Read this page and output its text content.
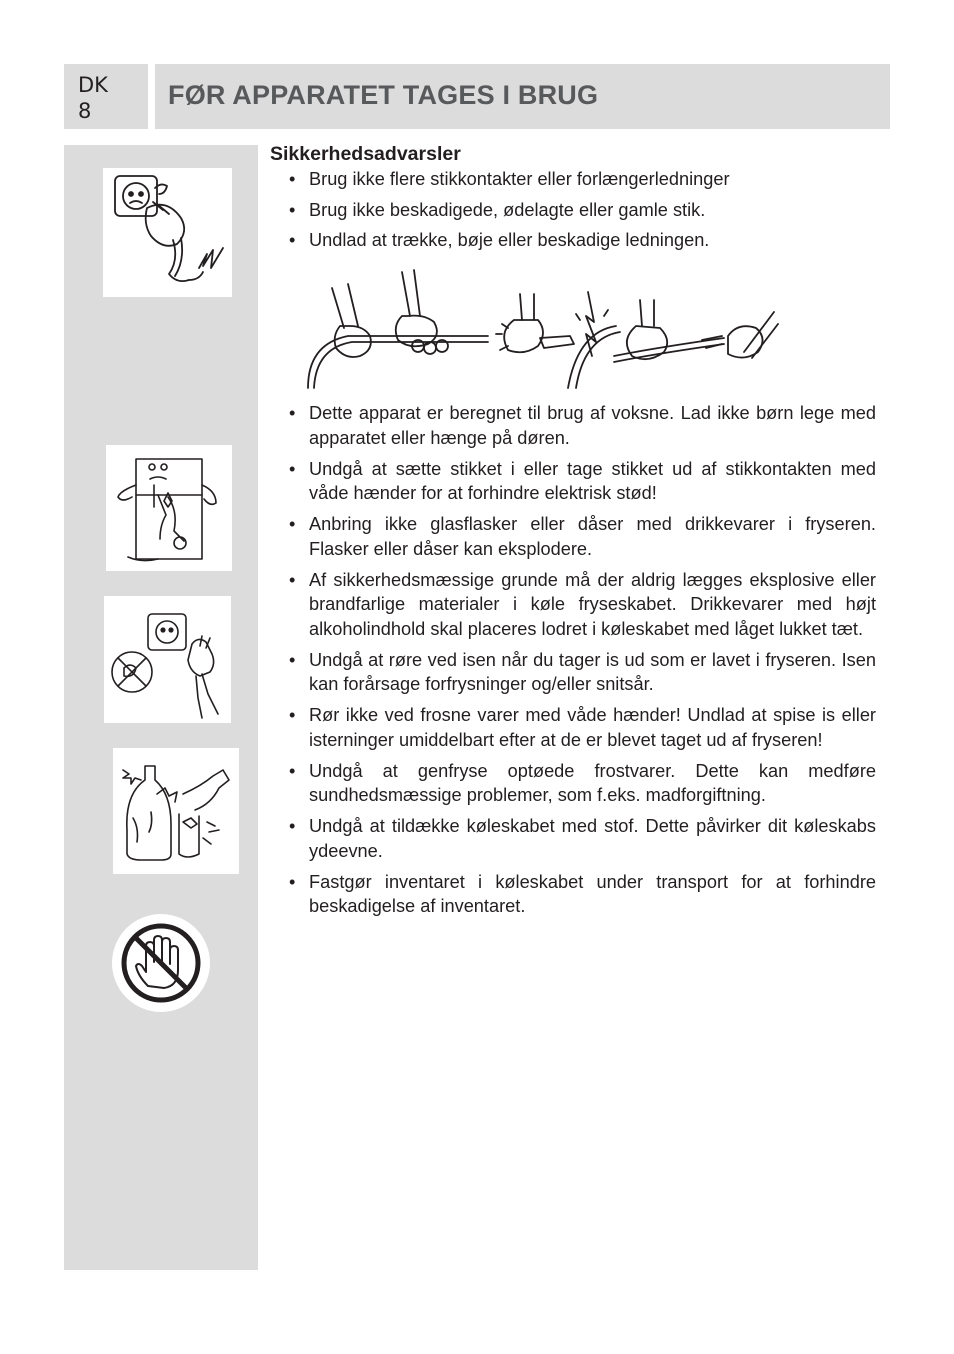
DK
8
FØR APPARATET TAGES I BRUG
Sikkerhedsadvarsler
• Brug ikke flere stikkontakter eller forlængerledninger
• Brug ikke beskadigede, ødelagte eller gamle stik.
• Undlad at trække, bøje eller beskadige ledningen.
• Dette apparat er beregnet til brug af voksne. Lad ikke børn lege med apparatet eller hænge på døren.
• Undgå at sætte stikket i eller tage stikket ud af stikkontakten med våde hænder for at forhindre elektrisk stød!
• Anbring ikke glasflasker eller dåser med drikkevarer i fryseren. Flasker eller dåser kan eksplodere.
• Af sikkerhedsmæssige grunde må der aldrig lægges eksplosive eller brandfarlige materialer i køle fryseskabet. Drikkevarer med højt alkoholindhold skal placeres lodret i køleskabet med låget lukket tæt.
• Undgå at røre ved isen når du tager is ud som er lavet i fryseren. Isen kan forårsage forfrysninger og/eller snitsår.
• Rør ikke ved frosne varer med våde hænder! Undlad at spise is eller isterninger umiddelbart efter at de er blevet taget ud af fryseren!
• Undgå at genfryse optøede frostvarer. Dette kan medføre sundhedsmæssige problemer, som f.eks. madforgiftning.
• Undgå at tildække køleskabet med stof. Dette påvirker dit køleskabs ydeevne.
• Fastgør inventaret i køleskabet under transport for at forhindre beskadigelse af inventaret.
